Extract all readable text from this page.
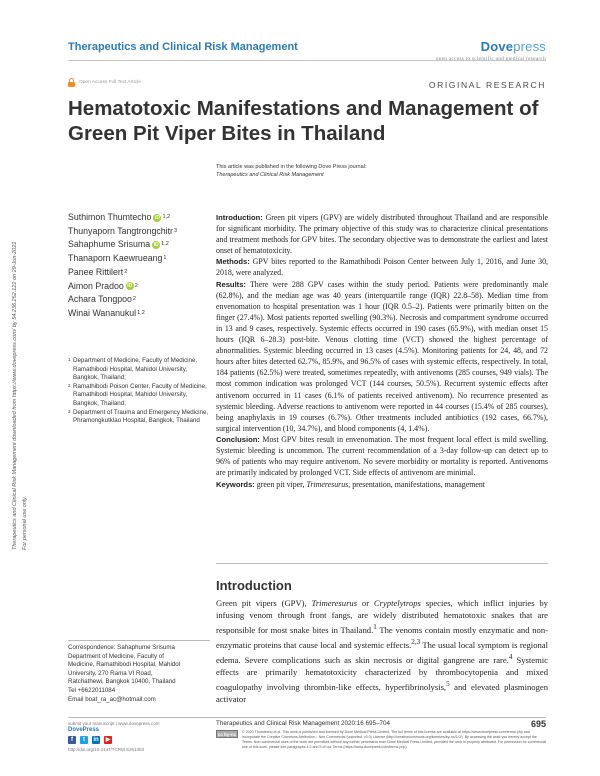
Therapeutics and Clinical Risk Management	Dovepress
open access to scientific and medical research
Open Access Full Text Article	ORIGINAL RESEARCH
Hematotoxic Manifestations and Management of Green Pit Viper Bites in Thailand
This article was published in the following Dove Press journal:
Therapeutics and Clinical Risk Management
Therapeutics and Clinical Risk Management downloaded from https://www.dovepress.com/ by 54.236.252.122 on 29-Jun-2021 For personal use only.
Suthimon Thumtecho iD 1,2
Thunyaporn Tangtrongchitr 3
Sahaphume Srisuma iD 1,2
Thanaporn Kaewrueang 1
Panee Rittilert 2
Aimon Pradoo iD 2
Achara Tongpoo 2
Winai Wananukul 1,2

1 Department of Medicine, Faculty of Medicine, Ramathibodi Hospital, Mahidol University, Bangkok, Thailand;

2 Ramathibodi Poison Center, Faculty of Medicine, Ramathibodi Hospital, Mahidol University, Bangkok, Thailand;

3 Department of Trauma and Emergency Medicine, Phramongkutklao Hospital, Bangkok, Thailand

Correspondence: Sahaphume Srisuma
Department of Medicine, Faculty of
Medicine, Ramathibodi Hospital, Mahidol
University, 270 Rama VI Road,
Ratchathewi, Bangkok 10400, Thailand
Tel +6622011084
Email boat_ra_ac@hotmail.com

Introduction: Green pit vipers (GPV) are widely distributed throughout Thailand and are responsible for significant morbidity. The primary objective of this study was to characterize clinical presentations and treatment methods for GPV bites. The secondary objective was to demonstrate the earliest and latest onset of hematotoxicity.

Methods: GPV bites reported to the Ramathibodi Poison Center between July 1, 2016, and June 30, 2018, were analyzed.

Results: There were 288 GPV cases within the study period. Patients were predominantly male (62.8%), and the median age was 40 years (interquartile range (IQR) 22.8–58). Median time from envenomation to hospital presentation was 1 hour (IQR 0.5–2). Patients were primarily bitten on the finger (27.4%). Most patients reported swelling (90.3%). Necrosis and compartment syndrome occurred in 13 and 9 cases, respectively. Systemic effects occurred in 190 cases (65.9%), with median onset 15 hours (IQR 6–28.3) post-bite. Venous clotting time (VCT) showed the highest percentage of abnormalities. Systemic bleeding occurred in 13 cases (4.5%). Monitoring patients for 24, 48, and 72 hours after bites detected 62.7%, 85.9%, and 96.5% of cases with systemic effects, respectively. In total, 184 patients (62.5%) were treated, sometimes repeatedly, with antivenoms (285 courses, 949 vials). The most common indication was prolonged VCT (144 courses, 50.5%). Recurrent systemic effects after antivenom occurred in 11 cases (6.1% of patients received antivenom). No recurrence presented as systemic bleeding. Adverse reactions to antivenom were reported in 44 courses (15.4% of 285 courses), being anaphylaxis in 19 courses (6.7%). Other treatments included antibiotics (192 cases, 66.7%), surgical intervention (10, 34.7%), and blood components (4, 1.4%).

Conclusion: Most GPV bites result in envenomation. The most frequent local effect is mild swelling. Systemic bleeding is uncommon. The current recommendation of a 3-day follow-up can detect up to 96% of patients who may require antivenom. No severe morbidity or mortality is reported. Antivenoms are primarily indicated by prolonged VCT. Side effects of antivenom are minimal.

Keywords: green pit viper, Trimeresurus, presentation, manifestations, management

Introduction

Green pit vipers (GPV), Trimeresurus or Cryptelytrops species, which inflict injuries by infusing venom through front fangs, are widely distributed hematotoxic snakes that are responsible for most snake bites in Thailand.$^1$ The venoms contain mostly enzymatic and non-enzymatic proteins that cause local and systemic effects.$^{2,3}$ The usual local symptom is regional edema. Severe complications such as skin necrosis or digital gangrene are rare.$^4$ Systemic effects are primarily hematotoxicity characterized by thrombocytopenia and mixed coagulopathy involving thrombin-like effects, hyperfibrinolysis,$^5$ and elevated plasminogen activator

submit your manuscript | www.dovepress.com
DovePress
f	t	in ▶
http://doi.org/10.2147/TCRM.S261303
Therapeutics and Clinical Risk Management 2020:16 695–704	695
cc by-nc	© 2020 Thumtecho et al. This work is published and licensed by Dove Medical Press Limited. The full terms of this license are available at https://www.dovepress.com/terms.php and incorporate the Creative Commons Attribution – Non Commercial (unported, v3.0) License (http://creativecommons.org/licenses/by-nc/3.0/). By accessing the work you hereby accept the Terms. Non-commercial uses of the work are permitted without any further permission from Dove Medical Press Limited, provided the work is properly attributed. For permission for commercial use of this work, please see paragraphs 4.2 and 5 of our Terms (https://www.dovepress.com/terms.php).
